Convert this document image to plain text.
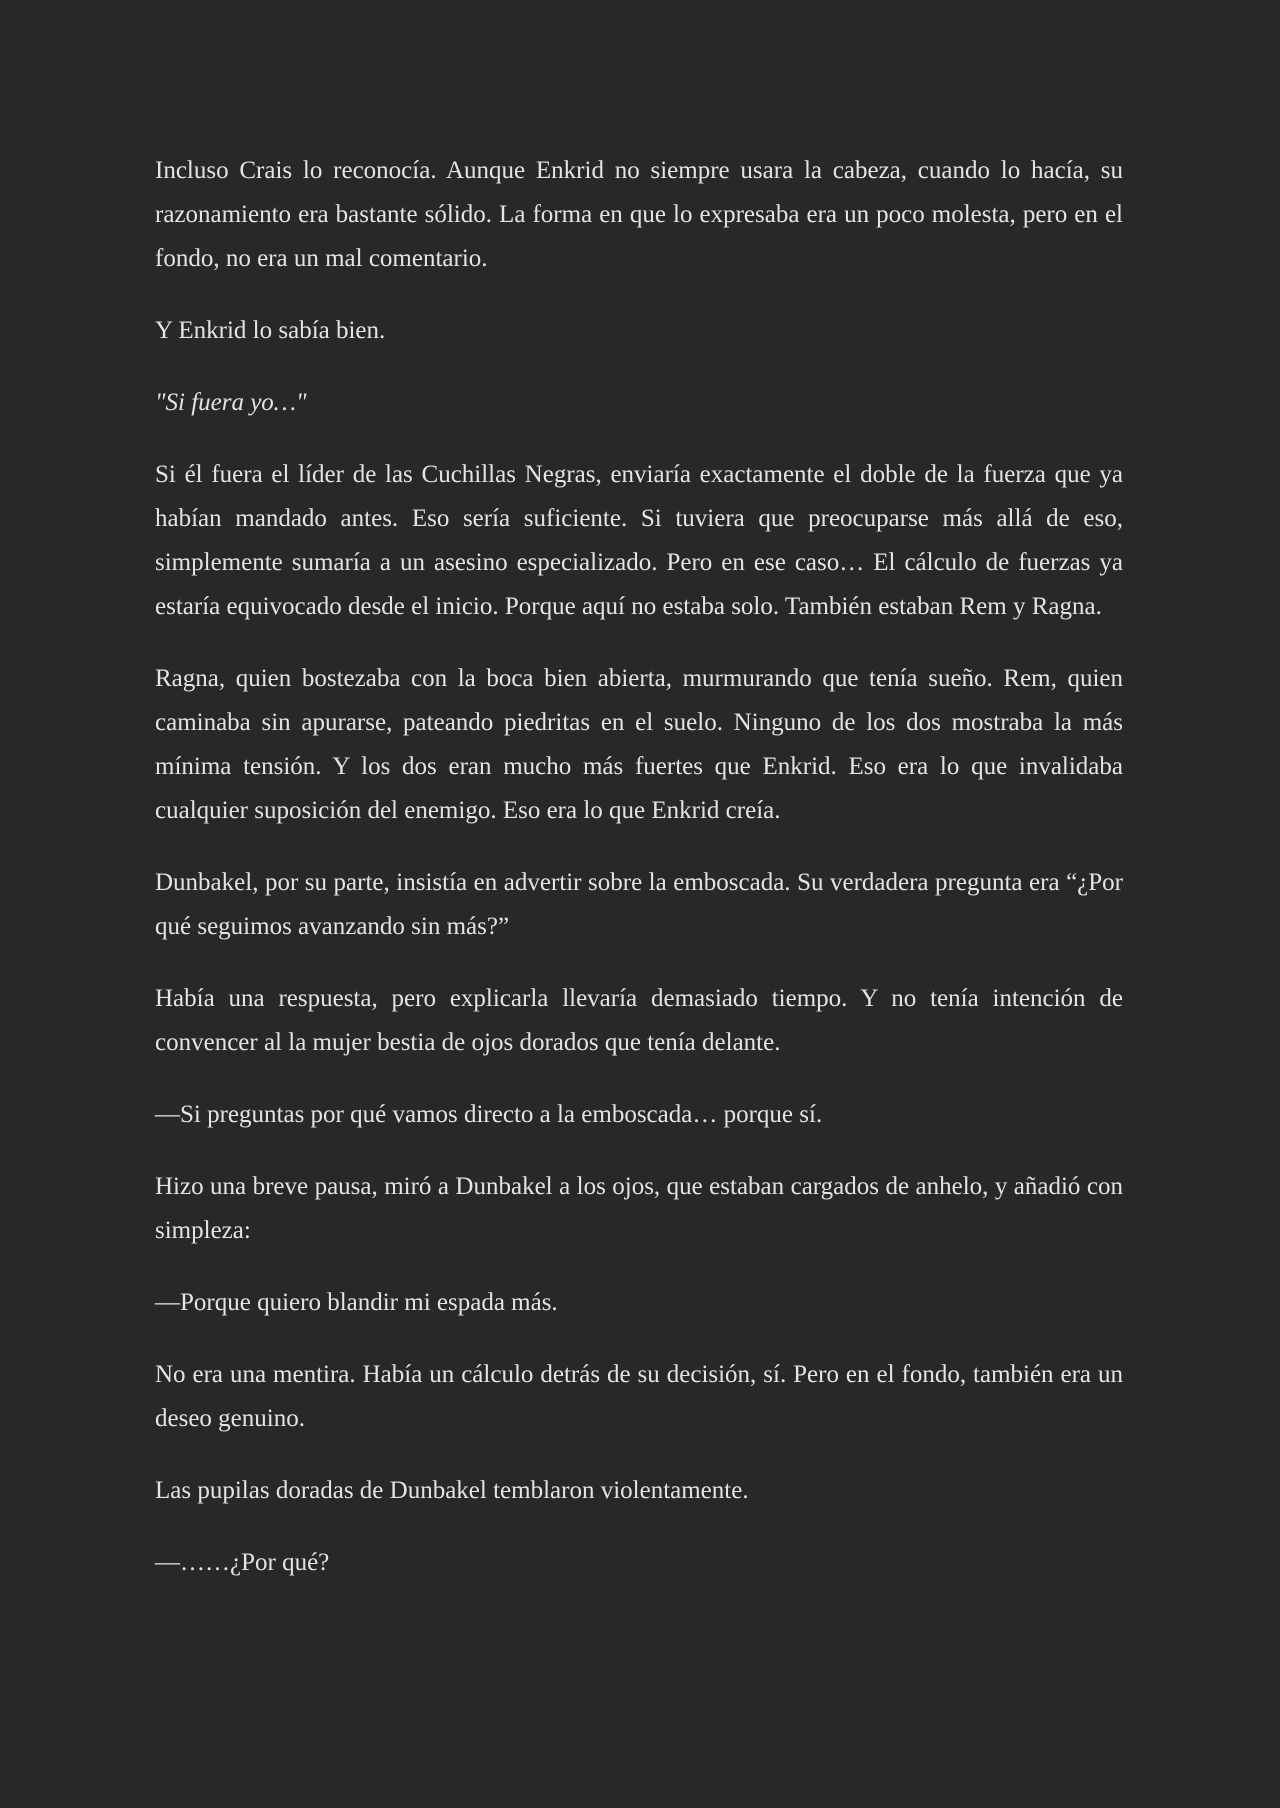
Incluso Crais lo reconocía. Aunque Enkrid no siempre usara la cabeza, cuando lo hacía, su razonamiento era bastante sólido. La forma en que lo expresaba era un poco molesta, pero en el fondo, no era un mal comentario.

Y Enkrid lo sabía bien.

"Si fuera yo…"

Si él fuera el líder de las Cuchillas Negras, enviaría exactamente el doble de la fuerza que ya habían mandado antes. Eso sería suficiente. Si tuviera que preocuparse más allá de eso, simplemente sumaría a un asesino especializado. Pero en ese caso… El cálculo de fuerzas ya estaría equivocado desde el inicio. Porque aquí no estaba solo. También estaban Rem y Ragna.

Ragna, quien bostezaba con la boca bien abierta, murmurando que tenía sueño. Rem, quien caminaba sin apurarse, pateando piedritas en el suelo. Ninguno de los dos mostraba la más mínima tensión. Y los dos eran mucho más fuertes que Enkrid. Eso era lo que invalidaba cualquier suposición del enemigo. Eso era lo que Enkrid creía.

Dunbakel, por su parte, insistía en advertir sobre la emboscada. Su verdadera pregunta era “¿Por qué seguimos avanzando sin más?”

Había una respuesta, pero explicarla llevaría demasiado tiempo. Y no tenía intención de convencer al la mujer bestia de ojos dorados que tenía delante.

—Si preguntas por qué vamos directo a la emboscada… porque sí.

Hizo una breve pausa, miró a Dunbakel a los ojos, que estaban cargados de anhelo, y añadió con simpleza:

—Porque quiero blandir mi espada más.

No era una mentira. Había un cálculo detrás de su decisión, sí. Pero en el fondo, también era un deseo genuino.

Las pupilas doradas de Dunbakel temblaron violentamente.

—……¿Por qué?
